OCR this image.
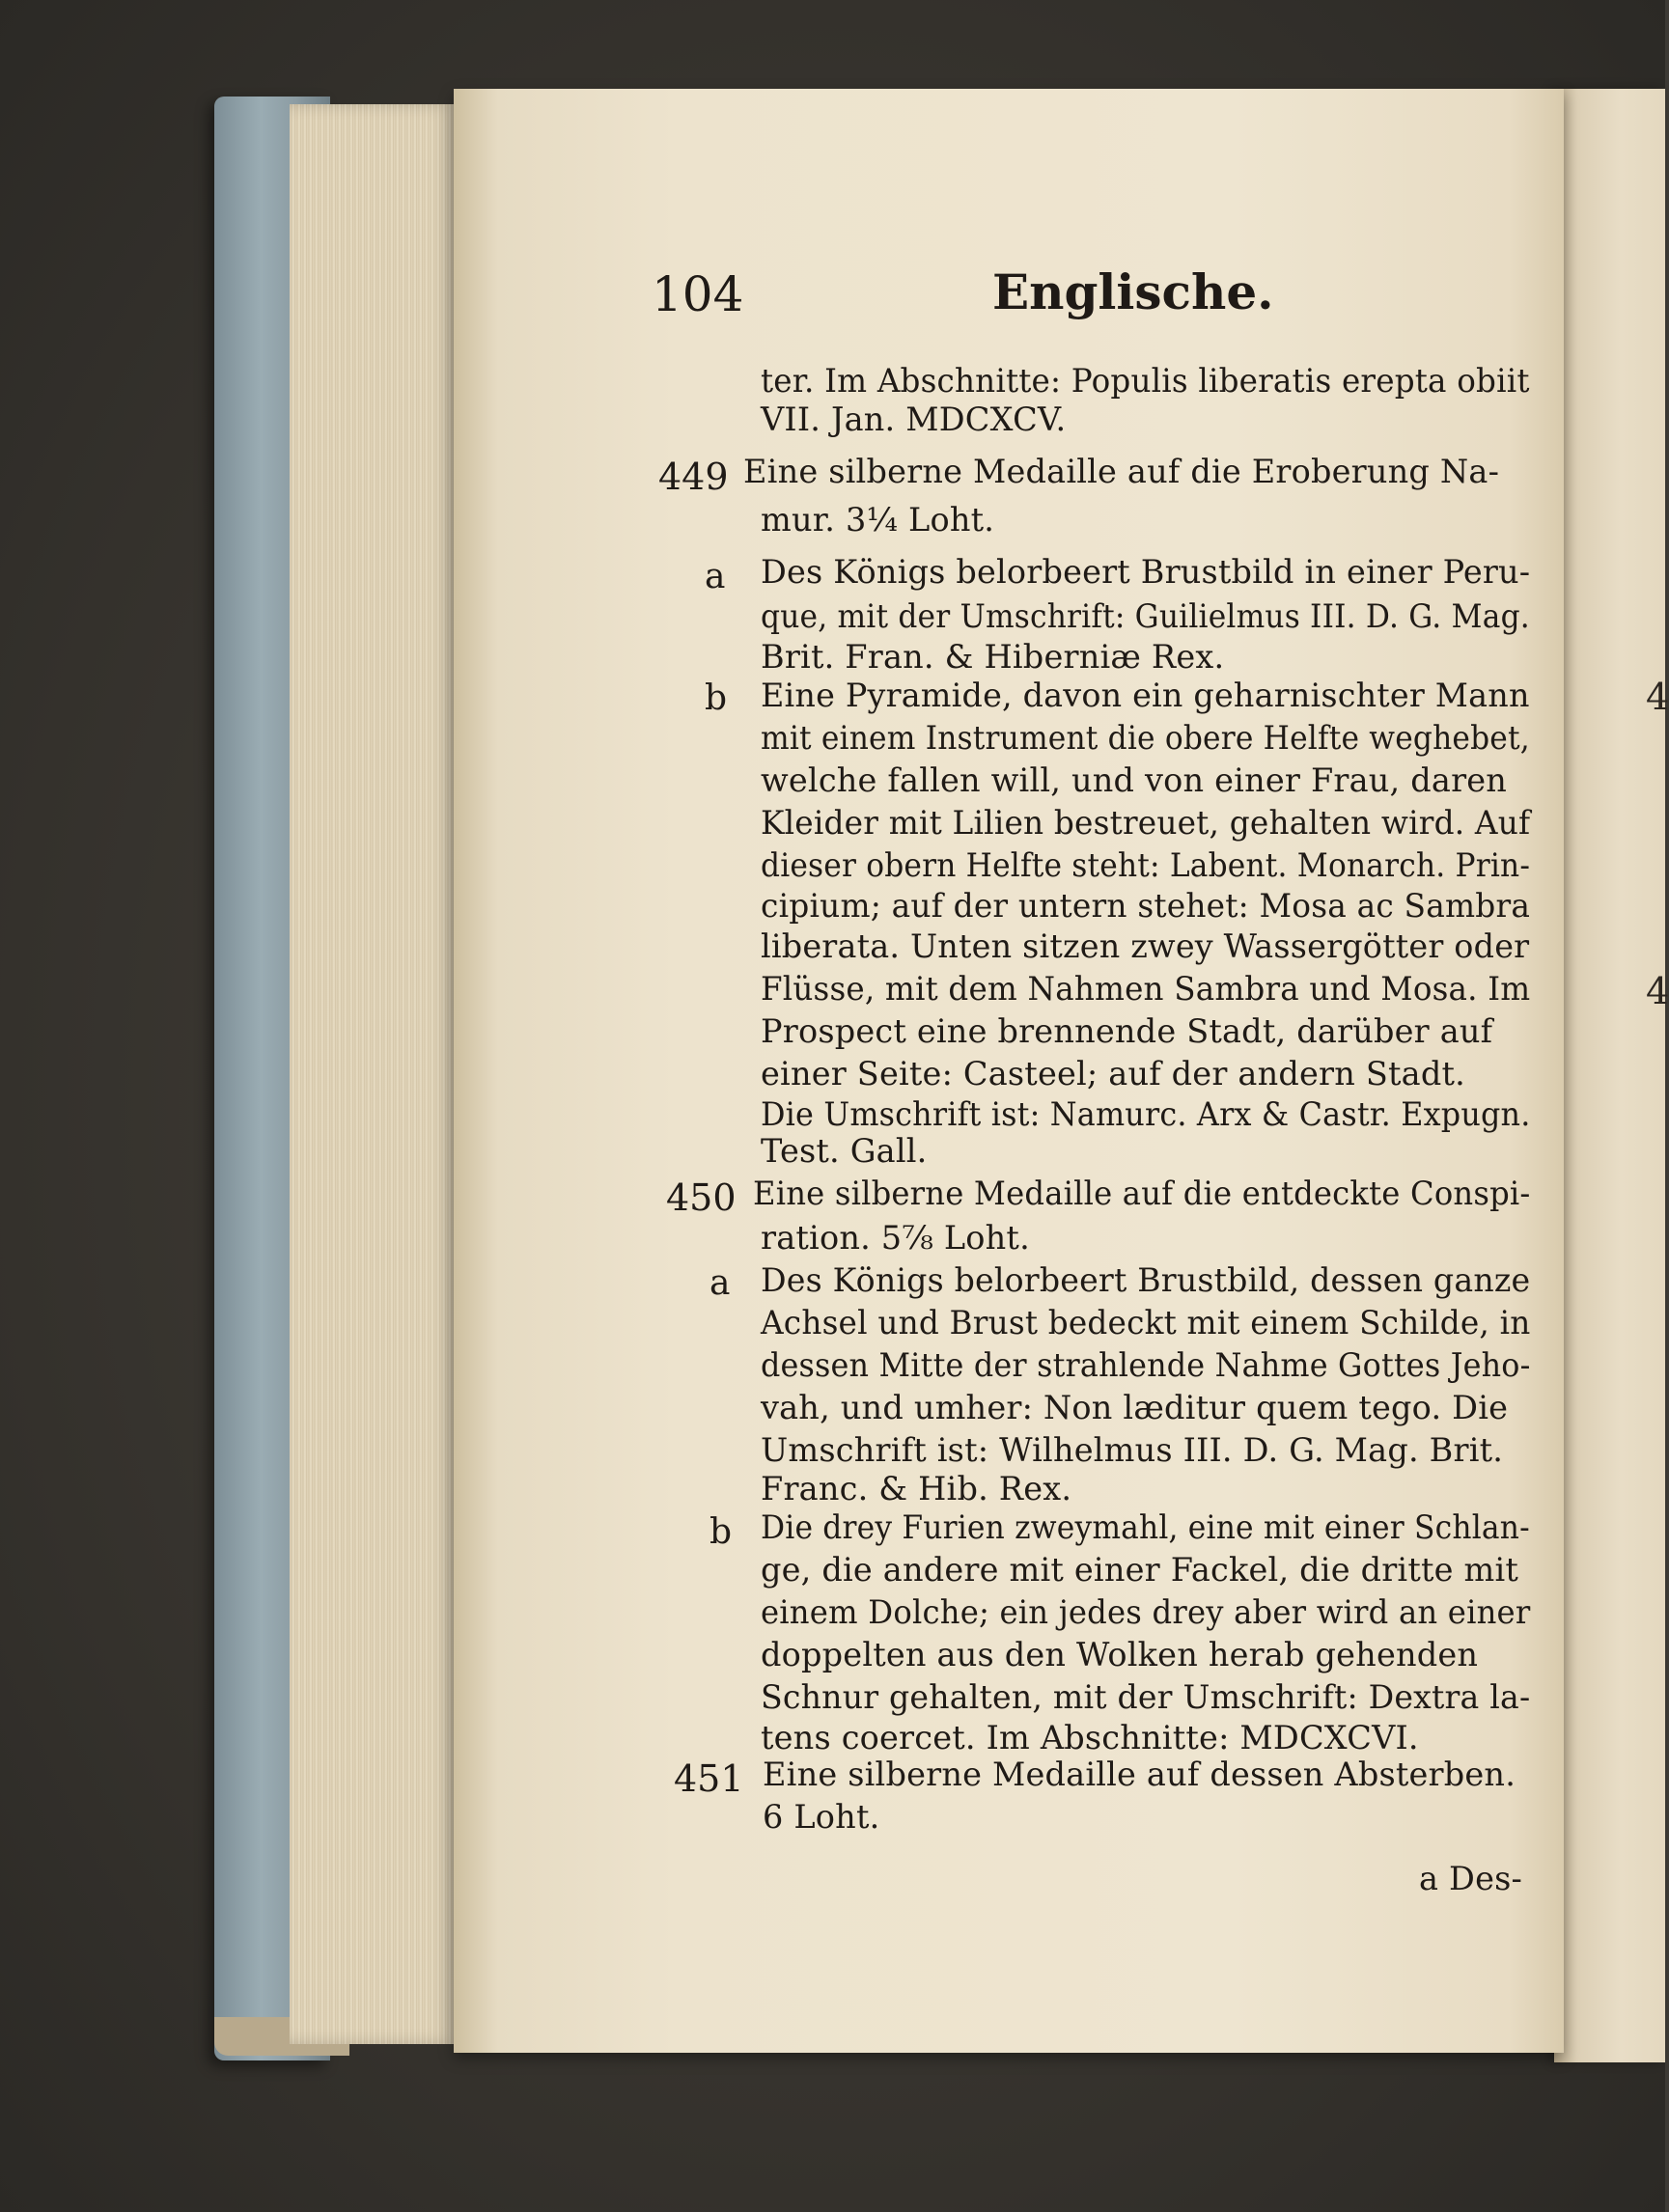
4
4
104	Englische.
ter. Im Abschnitte: Populis liberatis erepta obiit
VII. Jan. MDCXCV.
449 Eine silberne Medaille auf die Eroberung Na-
mur. 3¼ Loht.
a Des Königs belorbeert Brustbild in einer Peru-
que, mit der Umschrift: Guilielmus III. D. G. Mag.
Brit. Fran. & Hiberniæ Rex.
b Eine Pyramide, davon ein geharnischter Mann
mit einem Instrument die obere Helfte weghebet,
welche fallen will, und von einer Frau, daren
Kleider mit Lilien bestreuet, gehalten wird. Auf
dieser obern Helfte steht: Labent. Monarch. Prin-
cipium; auf der untern stehet: Mosa ac Sambra
liberata. Unten sitzen zwey Wassergötter oder
Flüsse, mit dem Nahmen Sambra und Mosa. Im
Prospect eine brennende Stadt, darüber auf
einer Seite: Casteel; auf der andern Stadt.
Die Umschrift ist: Namurc. Arx & Castr. Expugn.
Test. Gall.
450 Eine silberne Medaille auf die entdeckte Conspi-
ration. 5⅞ Loht.
a Des Königs belorbeert Brustbild, dessen ganze
Achsel und Brust bedeckt mit einem Schilde, in
dessen Mitte der strahlende Nahme Gottes Jeho-
vah, und umher: Non læditur quem tego. Die
Umschrift ist: Wilhelmus III. D. G. Mag. Brit.
Franc. & Hib. Rex.
b Die drey Furien zweymahl, eine mit einer Schlan-
ge, die andere mit einer Fackel, die dritte mit
einem Dolche; ein jedes drey aber wird an einer
doppelten aus den Wolken herab gehenden
Schnur gehalten, mit der Umschrift: Dextra la-
tens coercet. Im Abschnitte: MDCXCVI.
451 Eine silberne Medaille auf dessen Absterben.
6 Loht.
a Des-
